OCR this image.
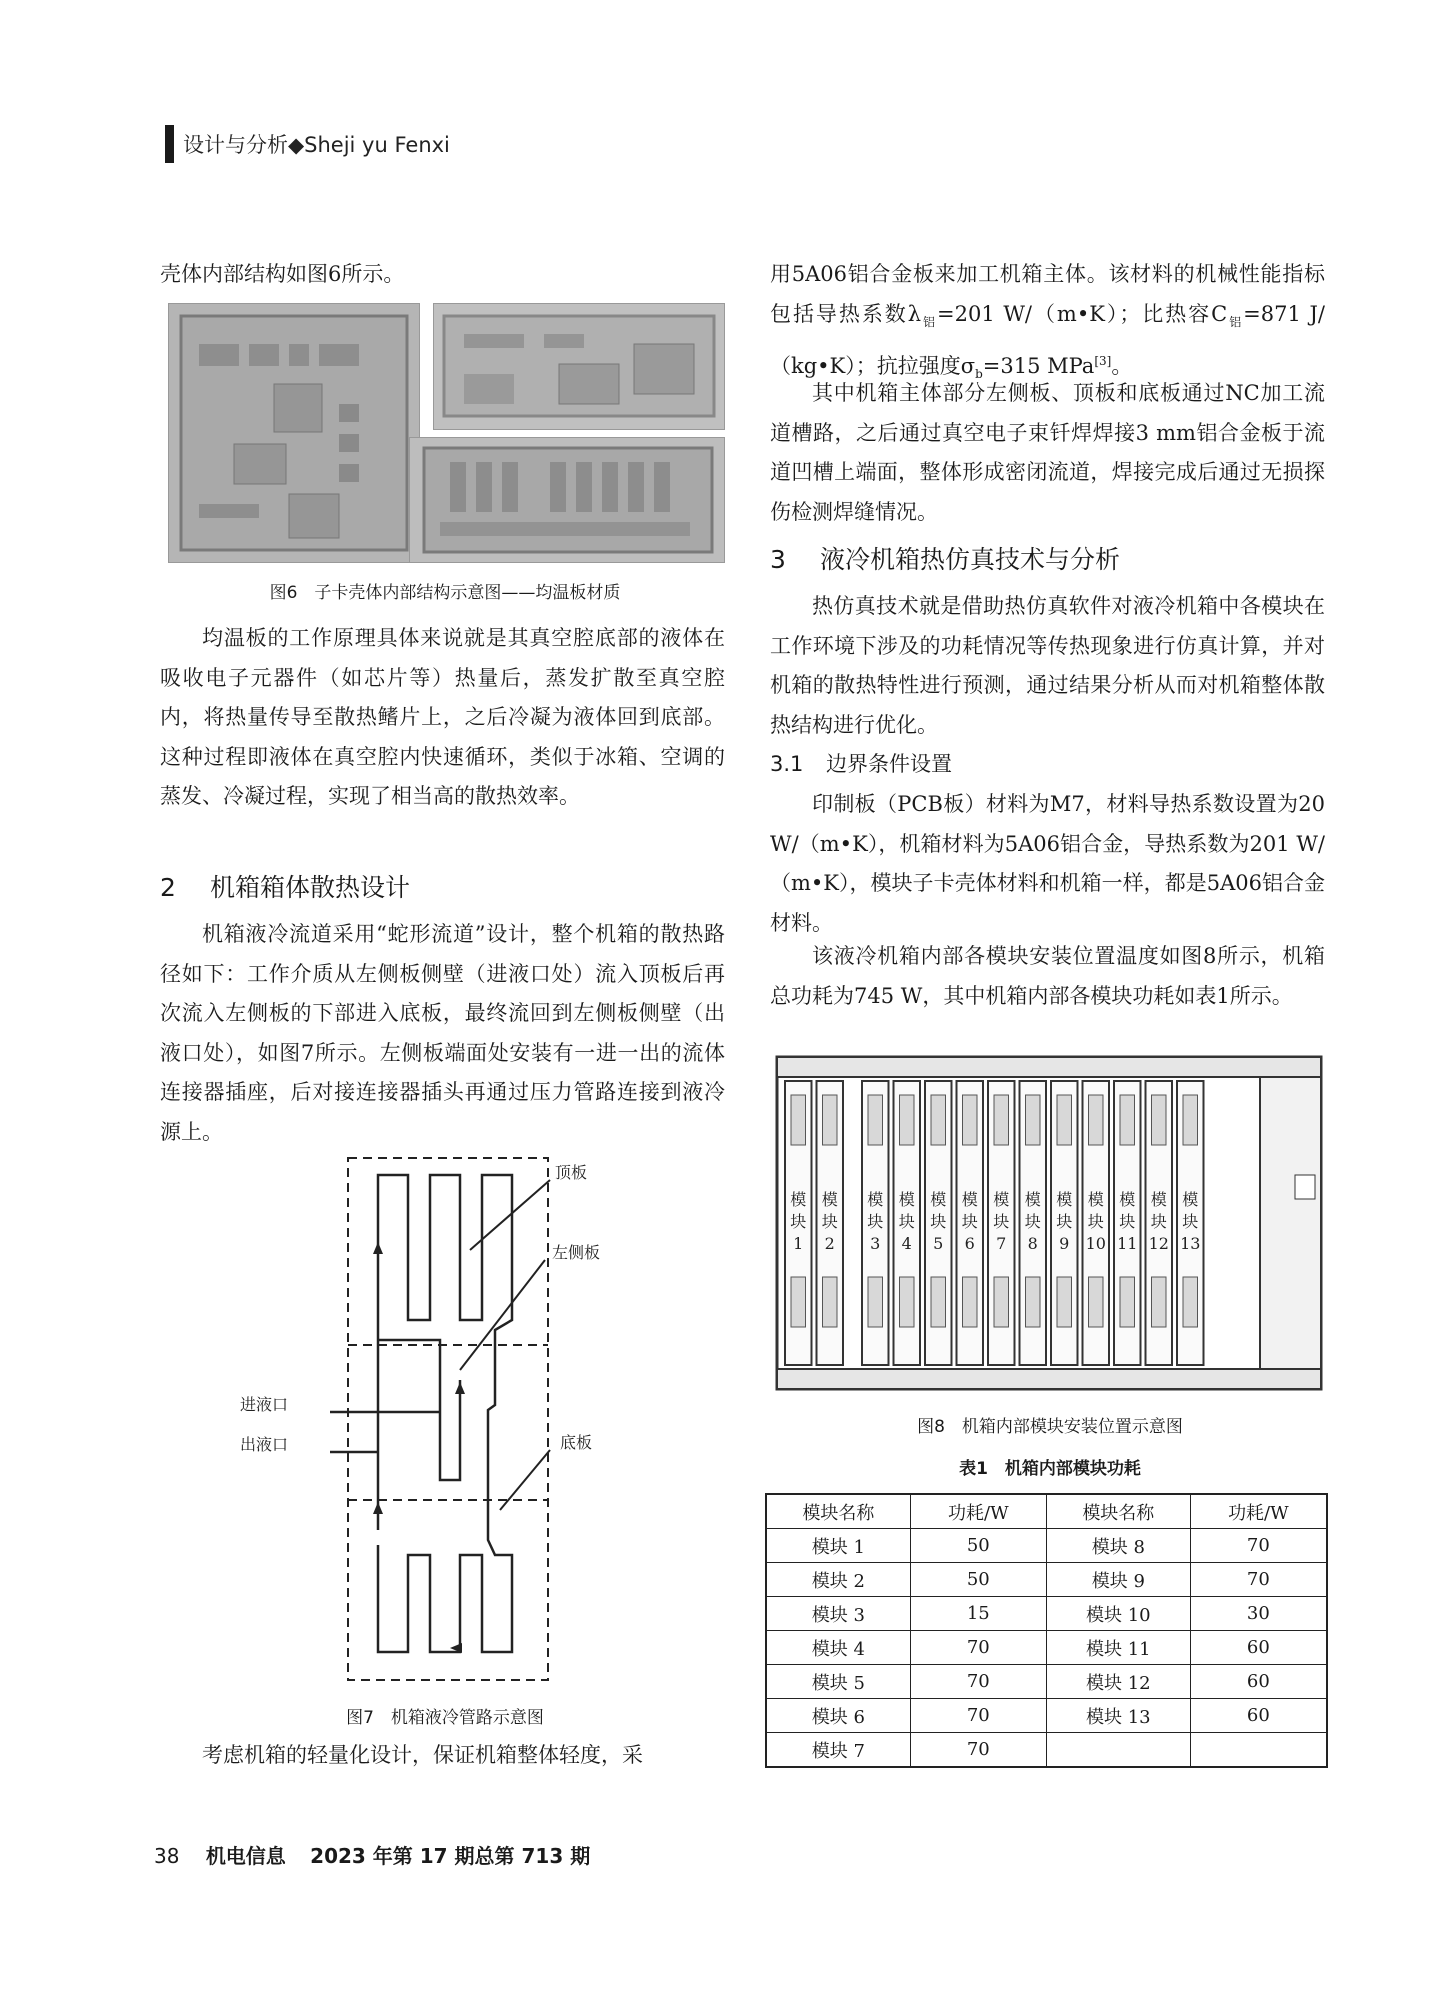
设计与分析◆Sheji yu Fenxi

壳体内部结构如图6所示。

图6　子卡壳体内部结构示意图——均温板材质

均温板的工作原理具体来说就是其真空腔底部的液体在吸收电子元器件（如芯片等）热量后，蒸发扩散至真空腔内，将热量传导至散热鳍片上，之后冷凝为液体回到底部。这种过程即液体在真空腔内快速循环，类似于冰箱、空调的蒸发、冷凝过程，实现了相当高的散热效率。

2 机箱箱体散热设计

机箱液冷流道采用“蛇形流道”设计，整个机箱的散热路径如下：工作介质从左侧板侧壁（进液口处）流入顶板后再次流入左侧板的下部进入底板，最终流回到左侧板侧壁（出液口处），如图7所示。左侧板端面处安装有一进一出的流体连接器插座，后对接连接器插头再通过压力管路连接到液冷源上。

顶板
左侧板
进液口
出液口	底板
图7　机箱液冷管路示意图

考虑机箱的轻量化设计，保证机箱整体轻度，采

用5A06铝合金板来加工机箱主体。该材料的机械性能指标包括导热系数$\lambda_铝=201$ W/（m•K）；比热容$C_铝=871$ J/（kg•K）；抗拉强度$\sigma_b=315$ MPa[3]。

其中机箱主体部分左侧板、顶板和底板通过NC加工流道槽路，之后通过真空电子束钎焊焊接3 mm铝合金板于流道凹槽上端面，整体形成密闭流道，焊接完成后通过无损探伤检测焊缝情况。

3 液冷机箱热仿真技术与分析

热仿真技术就是借助热仿真软件对液冷机箱中各模块在工作环境下涉及的功耗情况等传热现象进行仿真计算，并对机箱的散热特性进行预测，通过结果分析从而对机箱整体散热结构进行优化。

3.1 边界条件设置

印制板（PCB板）材料为M7，材料导热系数设置为20 W/（m•K），机箱材料为5A06铝合金，导热系数为201 W/（m•K），模块子卡壳体材料和机箱一样，都是5A06铝合金材料。

该液冷机箱内部各模块安装位置温度如图8所示，机箱总功耗为745 W，其中机箱内部各模块功耗如表1所示。

模
块
1
模
块
2
模
块
3
模
块
4
模
块
5
模
块
6
模
块
7
模
块
8
模
块
9
模
块
10
模
块
11
模
块
12
模
块
13
图8　机箱内部模块安装位置示意图
表1　机箱内部模块功耗
模块名称	功耗/W	模块名称	功耗/W
模块 1	50	模块 8	70
模块 2	50	模块 9	70
模块 3	15	模块 10	30
模块 4	70	模块 11	60
模块 5	70	模块 12	60
模块 6	70	模块 13	60
模块 7	70		
38 机电信息 2023 年第 17 期总第 713 期
